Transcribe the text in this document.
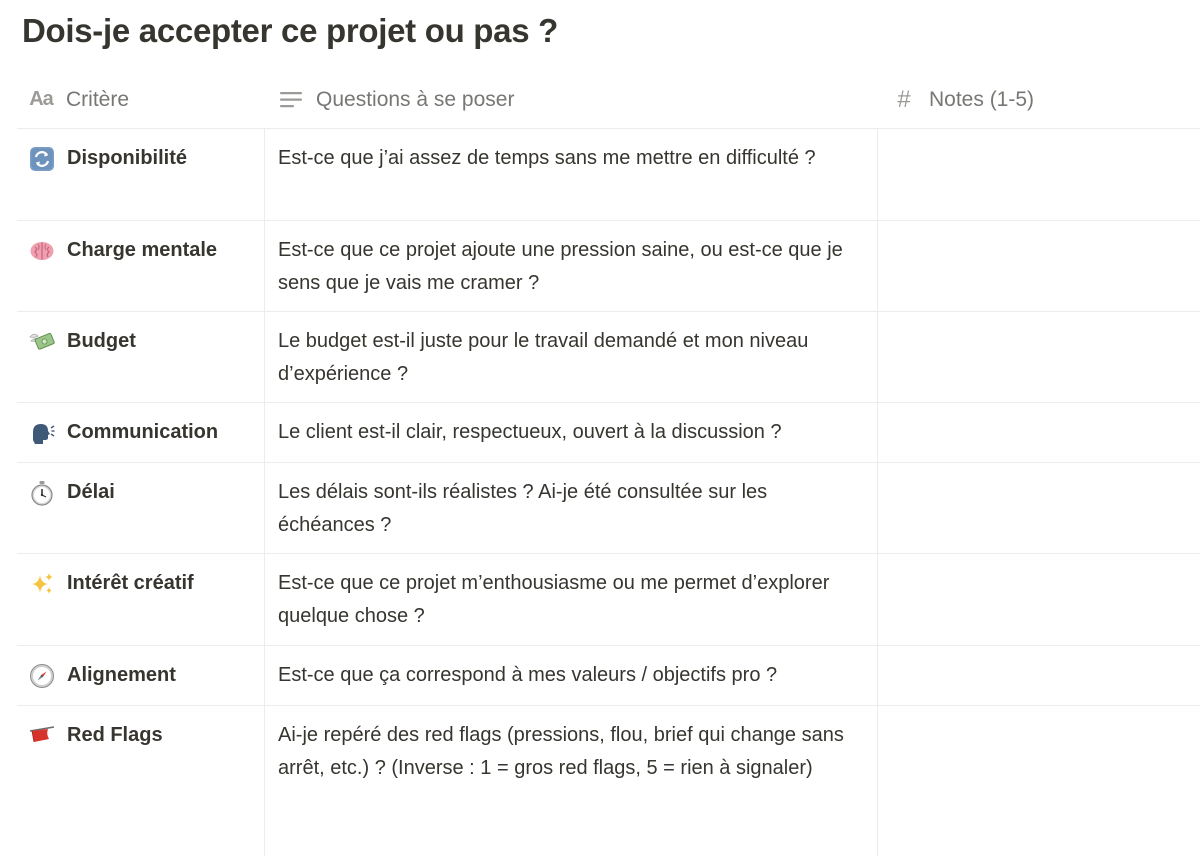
Dois-je accepter ce projet ou pas ?
Aa Critère	Questions à se poser	# Notes (1-5)
Disponibilité	Est-ce que j’ai assez de temps sans me mettre en difficulté ?
Charge mentale	Est-ce que ce projet ajoute une pression saine, ou est-ce que je sens que je vais me cramer ?
Budget	Le budget est-il juste pour le travail demandé et mon niveau d’expérience ?
Communication	Le client est-il clair, respectueux, ouvert à la discussion ?
Délai	Les délais sont-ils réalistes ? Ai-je été consultée sur les échéances ?
Intérêt créatif	Est-ce que ce projet m’enthousiasme ou me permet d’explorer quelque chose ?
Alignement	Est-ce que ça correspond à mes valeurs / objectifs pro ?
Red Flags	Ai-je repéré des red flags (pressions, flou, brief qui change sans arrêt, etc.) ? (Inverse : 1 = gros red flags, 5 = rien à signaler)
